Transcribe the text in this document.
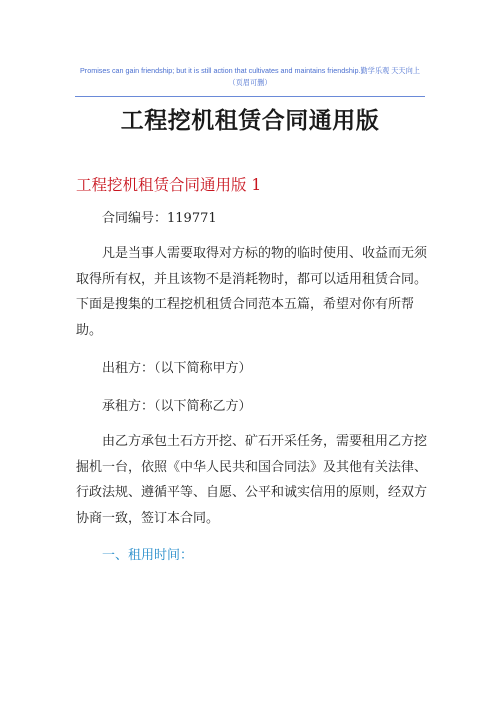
Promises can gain friendship; but it is still action that cultivates and maintains friendship.勤学乐观 天天向上
（页眉可删）
工程挖机租赁合同通用版
工程挖机租赁合同通用版 1
合同编号：119771
凡是当事人需要取得对方标的物的临时使用、收益而无须
取得所有权，并且该物不是消耗物时，都可以适用租赁合同。
下面是搜集的工程挖机租赁合同范本五篇，希望对你有所帮助。
出租方：（以下简称甲方）
承租方：（以下简称乙方）
由乙方承包土石方开挖、矿石开采任务，需要租用乙方挖
掘机一台，依照《中华人民共和国合同法》及其他有关法律、
行政法规、遵循平等、自愿、公平和诚实信用的原则，经双方
协商一致，签订本合同。
一、租用时间：
